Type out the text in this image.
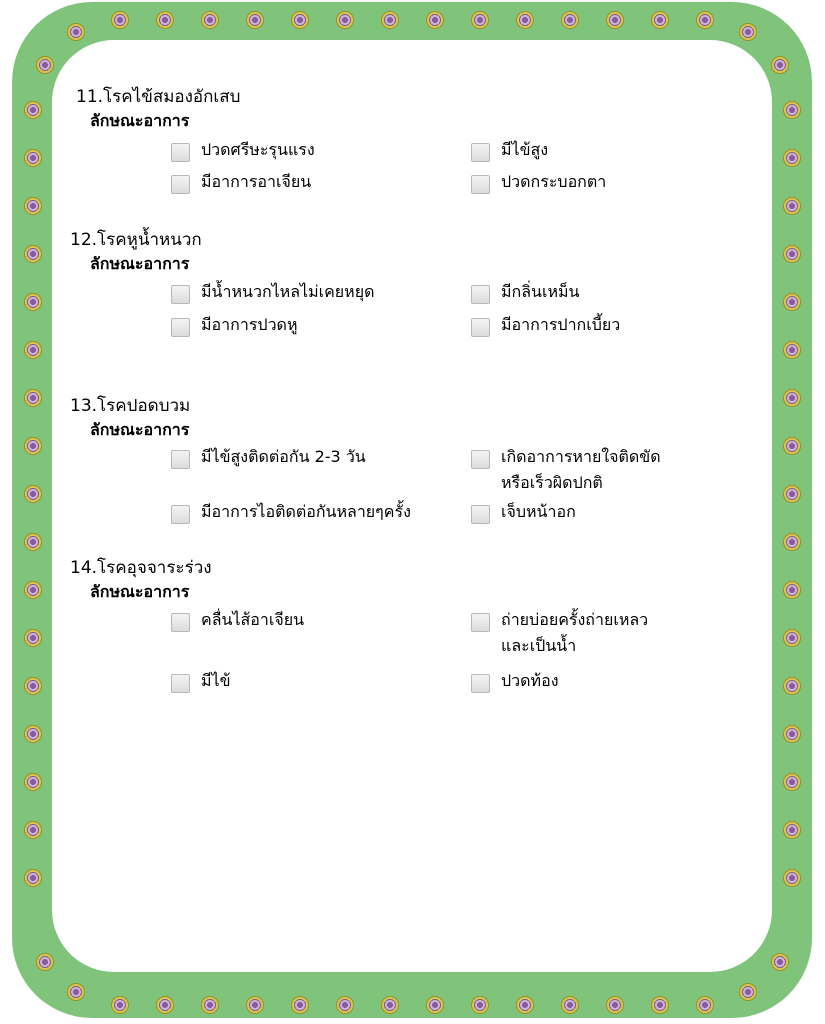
11.โรคไข้สมองอักเสบ
ลักษณะอาการ
ปวดศรีษะรุนแรง	มีไข้สูง
มีอาการอาเจียน	ปวดกระบอกตา
12.โรคหูน้ำหนวก
ลักษณะอาการ
มีน้ำหนวกไหลไม่เคยหยุด	มีกลิ่นเหม็น
มีอาการปวดหู	มีอาการปากเบี้ยว
13.โรคปอดบวม
ลักษณะอาการ
มีไข้สูงติดต่อกัน 2-3 วัน	เกิดอาการหายใจติดขัด
หรือเร็วผิดปกติ
มีอาการไอติดต่อกันหลายๆครั้ง	เจ็บหน้าอก
14.โรคอุจจาระร่วง
ลักษณะอาการ
คลื่นไส้อาเจียน	ถ่ายบ่อยครั้งถ่ายเหลว
และเป็นน้ำ
มีไข้	ปวดท้อง
